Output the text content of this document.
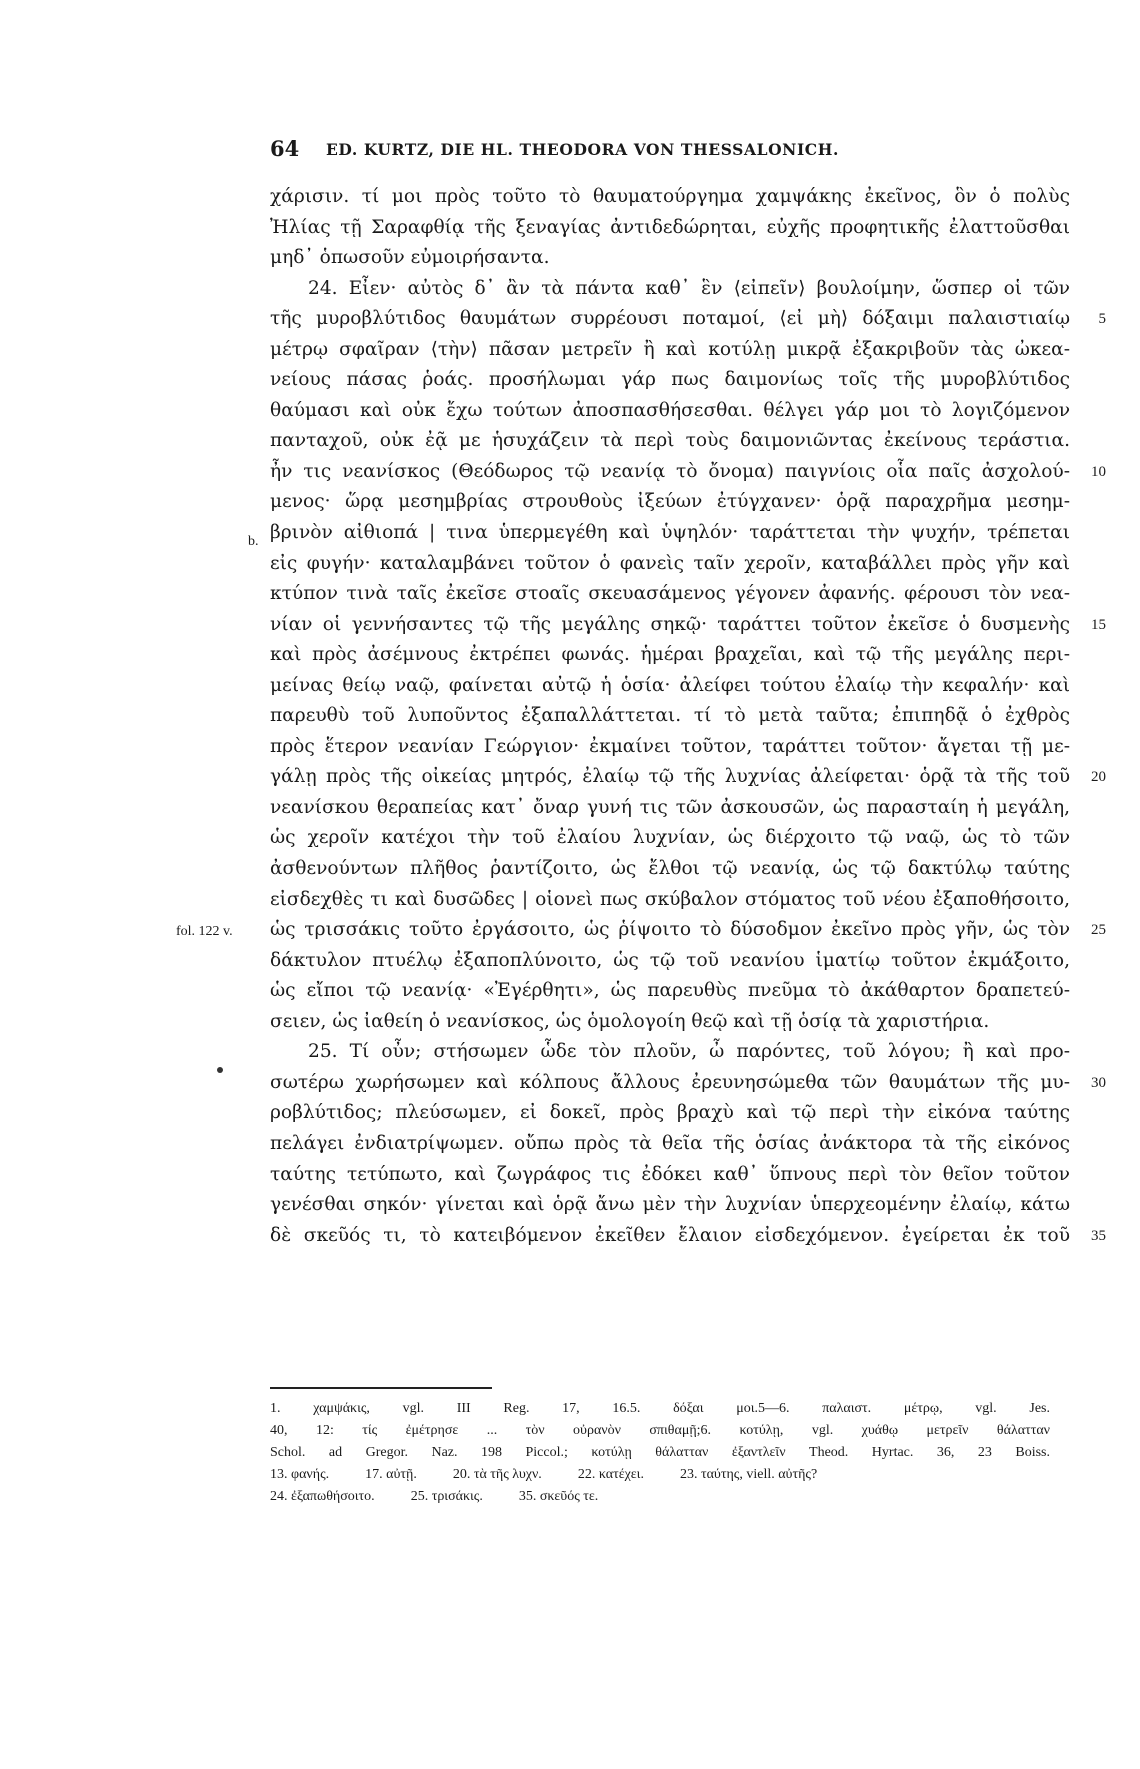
64 ED. KURTZ, DIE HL. THEODORA VON THESSALONICH.
χάρισιν. τί μοι πρὸς τοῦτο τὸ θαυματούργημα χαμψάκης ἐκεῖνος, ὃν ὁ πολὺς
Ἠλίας τῇ Σαραφθίᾳ τῆς ξεναγίας ἀντιδεδώρηται, εὐχῆς προφητικῆς ἐλαττοῦσθαι
μηδ᾽ ὁπωσοῦν εὐμοιρήσαντα.
24. Εἶεν· αὐτὸς δ᾽ ἂν τὰ πάντα καθ᾽ ἓν ⟨εἰπεῖν⟩ βουλοίμην, ὥσπερ οἱ τῶν
τῆς μυροβλύτιδος θαυμάτων συρρέουσι ποταμοί, ⟨εἰ μὴ⟩ δόξαιμι παλαιστιαίῳ 5
μέτρῳ σφαῖραν ⟨τὴν⟩ πᾶσαν μετρεῖν ἢ καὶ κοτύλῃ μικρᾷ ἐξακριβοῦν τὰς ὠκεα-
νείους πάσας ῥοάς. προσήλωμαι γάρ πως δαιμονίως τοῖς τῆς μυροβλύτιδος
θαύμασι καὶ οὐκ ἔχω τούτων ἀποσπασθήσεσθαι. θέλγει γάρ μοι τὸ λογιζόμενον
πανταχοῦ, οὐκ ἐᾷ με ἡσυχάζειν τὰ περὶ τοὺς δαιμονιῶντας ἐκείνους τεράστια.
ἦν τις νεανίσκος (Θεόδωρος τῷ νεανίᾳ τὸ ὄνομα) παιγνίοις οἷα παῖς ἀσχολού- 10
μενος· ὥρᾳ μεσημβρίας στρουθοὺς ἰξεύων ἐτύγχανεν· ὁρᾷ παραχρῆμα μεσημ-
βρινὸν αἰθιοπά | τινα ὑπερμεγέθη καὶ ὑψηλόν· ταράττεται τὴν ψυχήν, τρέπεται
εἰς φυγήν· καταλαμβάνει τοῦτον ὁ φανεὶς ταῖν χεροῖν, καταβάλλει πρὸς γῆν καὶ
κτύπον τινὰ ταῖς ἐκεῖσε στοαῖς σκευασάμενος γέγονεν ἀφανής. φέρουσι τὸν νεα-
νίαν οἱ γεννήσαντες τῷ τῆς μεγάλης σηκῷ· ταράττει τοῦτον ἐκεῖσε ὁ δυσμενὴς 15
καὶ πρὸς ἀσέμνους ἐκτρέπει φωνάς. ἡμέραι βραχεῖαι, καὶ τῷ τῆς μεγάλης περι-
μείνας θείῳ ναῷ, φαίνεται αὐτῷ ἡ ὁσία· ἀλείφει τούτου ἐλαίῳ τὴν κεφαλήν· καὶ
παρευθὺ τοῦ λυποῦντος ἐξαπαλλάττεται. τί τὸ μετὰ ταῦτα; ἐπιπηδᾷ ὁ ἐχθρὸς
πρὸς ἕτερον νεανίαν Γεώργιον· ἐκμαίνει τοῦτον, ταράττει τοῦτον· ἄγεται τῇ με-
γάλῃ πρὸς τῆς οἰκείας μητρός, ἐλαίῳ τῷ τῆς λυχνίας ἀλείφεται· ὁρᾷ τὰ τῆς τοῦ 20
νεανίσκου θεραπείας κατ᾽ ὄναρ γυνή τις τῶν ἀσκουσῶν, ὡς παρασταίη ἡ μεγάλη,
ὡς χεροῖν κατέχοι τὴν τοῦ ἐλαίου λυχνίαν, ὡς διέρχοιτο τῷ ναῷ, ὡς τὸ τῶν
ἀσθενούντων πλῆθος ῥαντίζοιτο, ὡς ἔλθοι τῷ νεανίᾳ, ὡς τῷ δακτύλῳ ταύτης
εἰσδεχθὲς τι καὶ δυσῶδες | οἱονεὶ πως σκύβαλον στόματος τοῦ νέου ἐξαποθήσοιτο,
ὡς τρισσάκις τοῦτο ἐργάσοιτο, ὡς ῥίψοιτο τὸ δύσοδμον ἐκεῖνο πρὸς γῆν, ὡς τὸν 25
δάκτυλον πτυέλῳ ἐξαποπλύνοιτο, ὡς τῷ τοῦ νεανίου ἱματίῳ τοῦτον ἐκμάξοιτο,
ὡς εἴποι τῷ νεανίᾳ· «Ἐγέρθητι», ὡς παρευθὺς πνεῦμα τὸ ἀκάθαρτον δραπετεύ-
σειεν, ὡς ἰαθείη ὁ νεανίσκος, ὡς ὁμολογοίη θεῷ καὶ τῇ ὁσίᾳ τὰ χαριστήρια.
25. Τί οὖν; στήσωμεν ὧδε τὸν πλοῦν, ὦ παρόντες, τοῦ λόγου; ἢ καὶ προ-
σωτέρω χωρήσωμεν καὶ κόλπους ἄλλους ἐρευνησώμεθα τῶν θαυμάτων τῆς μυ- 30
ροβλύτιδος; πλεύσωμεν, εἰ δοκεῖ, πρὸς βραχὺ καὶ τῷ περὶ τὴν εἰκόνα ταύτης
πελάγει ἐνδιατρίψωμεν. οὔπω πρὸς τὰ θεῖα τῆς ὁσίας ἀνάκτορα τὰ τῆς εἰκόνος
ταύτης τετύπωτο, καὶ ζωγράφος τις ἐδόκει καθ᾽ ὕπνους περὶ τὸν θεῖον τοῦτον
γενέσθαι σηκόν· γίνεται καὶ ὁρᾷ ἄνω μὲν τὴν λυχνίαν ὑπερχεομένην ἐλαίῳ, κάτω
δὲ σκεῦός τι, τὸ κατειβόμενον ἐκεῖθεν ἔλαιον εἰσδεχόμενον. ἐγείρεται ἐκ τοῦ 35
b.
fol. 122 v.
1. χαμψάκις, vgl. III Reg. 17, 16.5. δόξαι μοι.5—6. παλαιστ. μέτρῳ, vgl. Jes.
40, 12: τίς ἐμέτρησε ... τὸν οὐρανὸν σπιθαμῇ;6. κοτύλῃ, vgl. χυάθῳ μετρεῖν θάλατταν
Schol. ad Gregor. Naz. 198 Piccol.; κοτύλῃ θάλατταν ἐξαντλεῖν Theod. Hyrtac. 36, 23 Boiss.
13. φανής.	17. αὐτῇ.	20. τὰ τῆς λυχν.	22. κατέχει.	23. ταύτης, viell. αὐτῆς?
24. ἐξαπωθήσοιτο.	25. τρισάκις.	35. σκεῦός τε.
